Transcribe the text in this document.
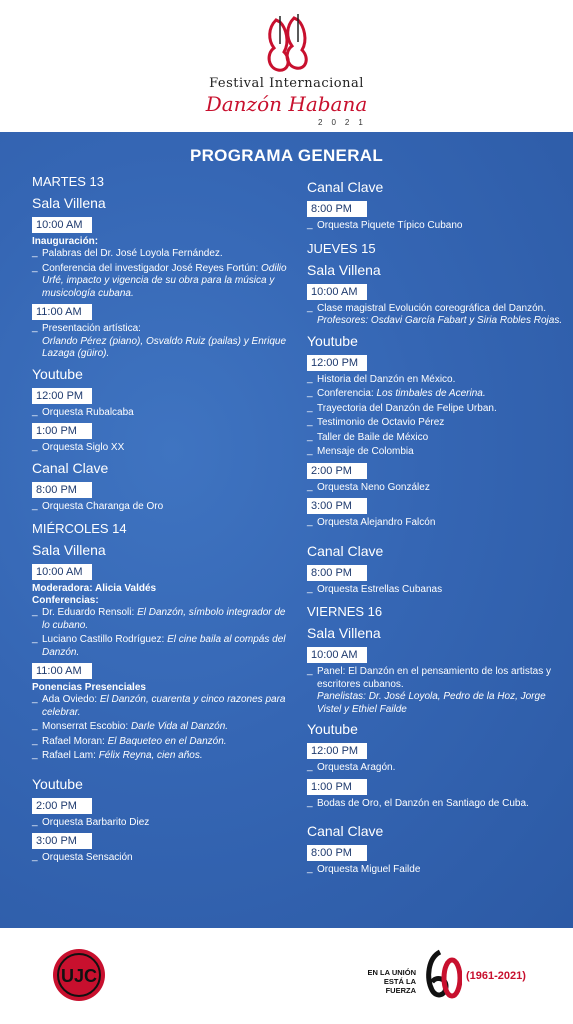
Festival Internacional
Danzón Habana
2021
PROGRAMA GENERAL
MARTES 13
Sala Villena
10:00 AM
Inauguración:
_ Palabras del Dr. José Loyola Fernández.
_ Conferencia del investigador José Reyes Fortún: Odilio Urfé, impacto y vigencia de su obra para la música y musicología cubana.
11:00 AM
_ Presentación artística:
Orlando Pérez (piano), Osvaldo Ruiz (pailas) y Enrique Lazaga (güiro).
Youtube
12:00 PM
_ Orquesta Rubalcaba
1:00 PM
_ Orquesta Siglo XX
Canal Clave
8:00 PM
_ Orquesta Charanga de Oro
MIÉRCOLES 14
Sala Villena
10:00 AM
Moderadora: Alicia Valdés
Conferencias:
_ Dr. Eduardo Rensoli: El Danzón, símbolo integrador de lo cubano.
_ Luciano Castillo Rodríguez: El cine baila al compás del Danzón.
11:00 AM
Ponencias Presenciales
_ Ada Oviedo: El Danzón, cuarenta y cinco razones para celebrar.
_ Monserrat Escobio: Darle Vida al Danzón.
_ Rafael Moran: El Baqueteo en el Danzón.
_ Rafael Lam: Félix Reyna, cien años.
Youtube
2:00 PM
_ Orquesta Barbarito Diez
3:00 PM
_ Orquesta Sensación
Canal Clave
8:00 PM
_ Orquesta Piquete Típico Cubano
JUEVES 15
Sala Villena
10:00 AM
_ Clase magistral Evolución coreográfica del Danzón. Profesores: Osdavi García Fabart y Siria Robles Rojas.
Youtube
12:00 PM
_ Historia del Danzón en México.
_ Conferencia: Los timbales de Acerina.
_ Trayectoria del Danzón de Felipe Urban.
_ Testimonio de Octavio Pérez
_ Taller de Baile de México
_ Mensaje de Colombia
2:00 PM
_ Orquesta Neno González
3:00 PM
_ Orquesta Alejandro Falcón
Canal Clave
8:00 PM
_ Orquesta Estrellas Cubanas
VIERNES 16
Sala Villena
10:00 AM
_ Panel: El Danzón en el pensamiento de los artistas y escritores cubanos.
Panelistas: Dr. José Loyola, Pedro de la Hoz, Jorge Vistel y Ethiel Failde
Youtube
12:00 PM
_ Orquesta Aragón.
1:00 PM
_ Bodas de Oro, el Danzón en Santiago de Cuba.
Canal Clave
8:00 PM
_ Orquesta Miguel Failde
UJC	EN LA UNIÓN
ESTÁ LA FUERZA
(1961-2021)
